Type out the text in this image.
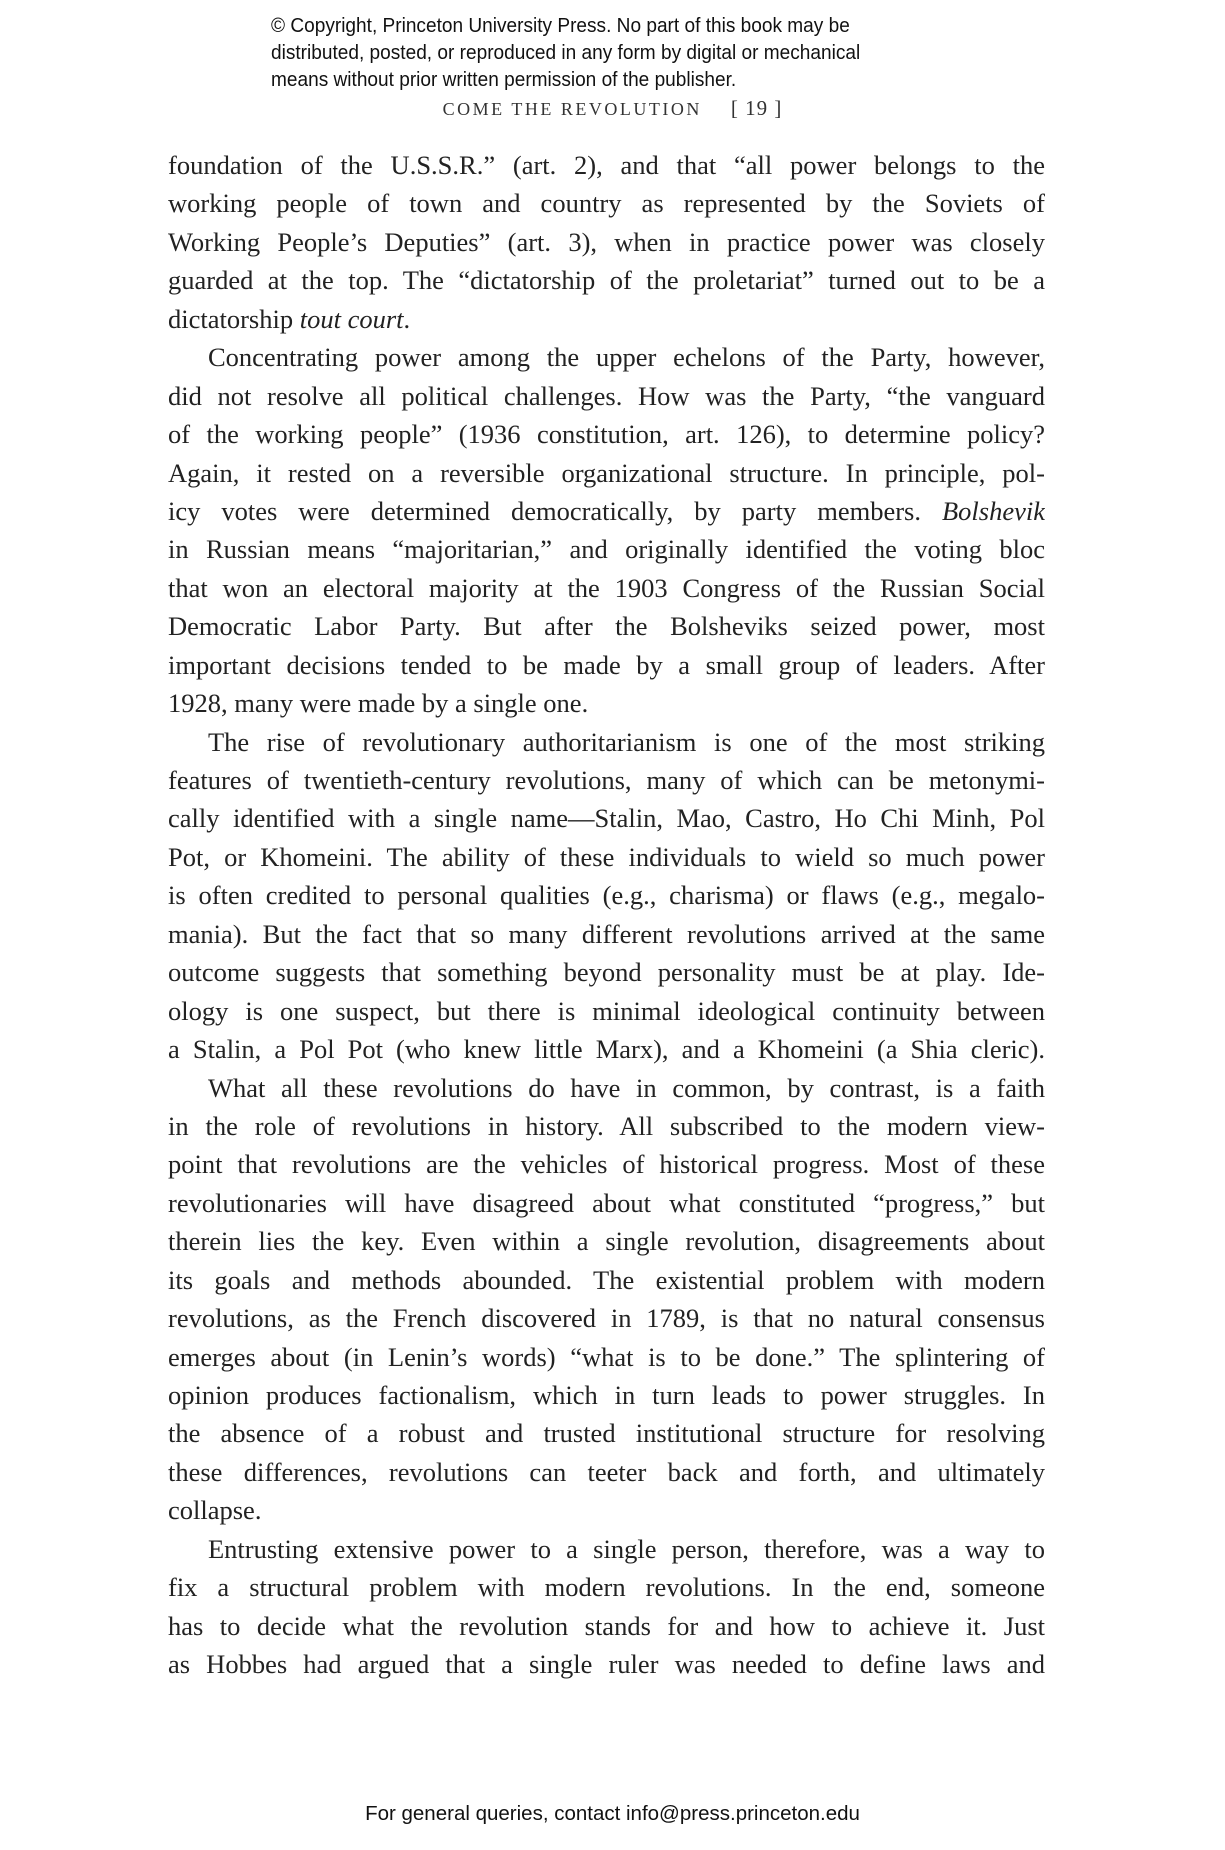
© Copyright, Princeton University Press. No part of this book may be
distributed, posted, or reproduced in any form by digital or mechanical
means without prior written permission of the publisher.
COME THE REVOLUTION [ 19 ]
foundation of the U.S.S.R.” (art. 2), and that “all power belongs to the
working people of town and country as represented by the Soviets of
Working People’s Deputies” (art. 3), when in practice power was closely
guarded at the top. The “dictatorship of the proletariat” turned out to be a
dictatorship tout court.
Concentrating power among the upper echelons of the Party, however,
did not resolve all political challenges. How was the Party, “the vanguard
of the working people” (1936 constitution, art. 126), to determine policy?
Again, it rested on a reversible organizational structure. In principle, pol-
icy votes were determined democratically, by party members. Bolshevik
in Russian means “majoritarian,” and originally identified the voting bloc
that won an electoral majority at the 1903 Congress of the Russian Social
Democratic Labor Party. But after the Bolsheviks seized power, most
important decisions tended to be made by a small group of leaders. After
1928, many were made by a single one.
The rise of revolutionary authoritarianism is one of the most striking
features of twentieth-century revolutions, many of which can be metonymi-
cally identified with a single name—Stalin, Mao, Castro, Ho Chi Minh, Pol
Pot, or Khomeini. The ability of these individuals to wield so much power
is often credited to personal qualities (e.g., charisma) or flaws (e.g., megalo-
mania). But the fact that so many different revolutions arrived at the same
outcome suggests that something beyond personality must be at play. Ide-
ology is one suspect, but there is minimal ideological continuity between
a Stalin, a Pol Pot (who knew little Marx), and a Khomeini (a Shia cleric).
What all these revolutions do have in common, by contrast, is a faith
in the role of revolutions in history. All subscribed to the modern view-
point that revolutions are the vehicles of historical progress. Most of these
revolutionaries will have disagreed about what constituted “progress,” but
therein lies the key. Even within a single revolution, disagreements about
its goals and methods abounded. The existential problem with modern
revolutions, as the French discovered in 1789, is that no natural consensus
emerges about (in Lenin’s words) “what is to be done.” The splintering of
opinion produces factionalism, which in turn leads to power struggles. In
the absence of a robust and trusted institutional structure for resolving
these differences, revolutions can teeter back and forth, and ultimately
collapse.
Entrusting extensive power to a single person, therefore, was a way to
fix a structural problem with modern revolutions. In the end, someone
has to decide what the revolution stands for and how to achieve it. Just
as Hobbes had argued that a single ruler was needed to define laws and
For general queries, contact info@press.princeton.edu
